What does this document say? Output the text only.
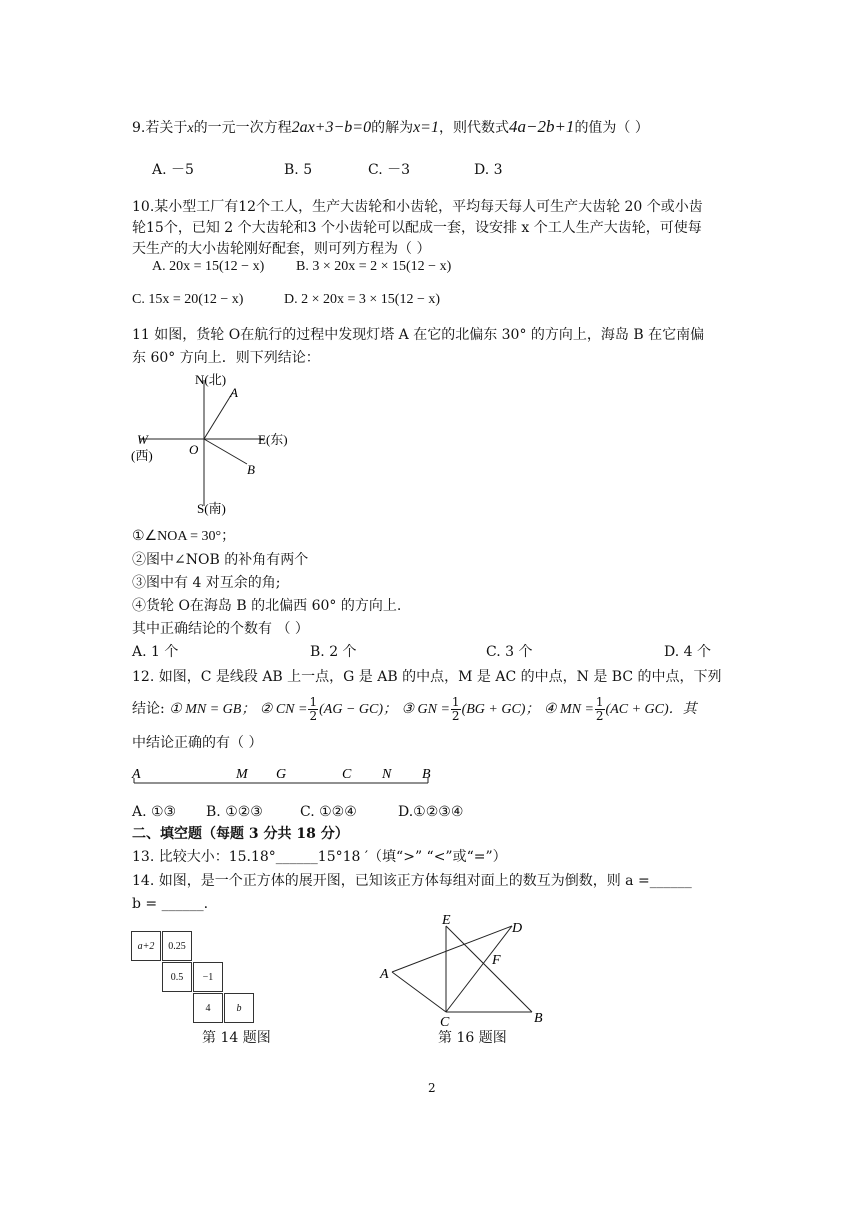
9.若关于x的一元一次方程2ax+3−b=0的解为x=1，则代数式4a−2b+1的值为（ ）
A. －5	B. 5	C. －3	D. 3
10.某小型工厂有12个工人，生产大齿轮和小齿轮，平均每天每人可生产大齿轮 20 个或小齿
轮15个，已知 2 个大齿轮和3 个小齿轮可以配成一套，设安排 x 个工人生产大齿轮，可使每
天生产的大小齿轮刚好配套，则可列方程为（ ）
A. 20x = 15(12 − x) B. 3 × 20x = 2 × 15(12 − x)
C. 15x = 20(12 − x)	D. 2 × 20x = 3 × 15(12 − x)
11 如图，货轮 O在航行的过程中发现灯塔 A 在它的北偏东 30° 的方向上，海岛 B 在它南偏
东 60° 方向上．则下列结论：
N(北)
A
W
(西)	O
E(东)
B
S(南)
①∠NOA = 30°；
②图中∠NOB 的补角有两个
③图中有 4 对互余的角;
④货轮 O在海岛 B 的北偏西 60° 的方向上.
其中正确结论的个数有 （ ）
A. 1 个	B. 2 个	C. 3 个	D. 4 个
12. 如图，C 是线段 AB 上一点，G 是 AB 的中点，M 是 AC 的中点，N 是 BC 的中点，下列
结论: ① MN = GB； ② CN = $\frac{1}{2} (AG - GC)$； ③ GN = $\frac{1}{2} (BG + GC)$； ④ MN = $\frac{1}{2} (AC + GC)$．其
中结论正确的有（ ）
A	M G	C N B
A. ①③ B. ①②③	C. ①②④	D.①②③④
二、填空题（每题 3 分共 18 分）
13. 比较大小：15.18°______15°18 ′（填“>” “<”或“=”）
14. 如图，是一个正方体的展开图，已知该正方体每组对面上的数互为倒数，则 a =______
b = ______.
a+2	0.25
0.5	−1
4	b
第 14 题图
E
D
F
A
C	B
第 16 题图
2
